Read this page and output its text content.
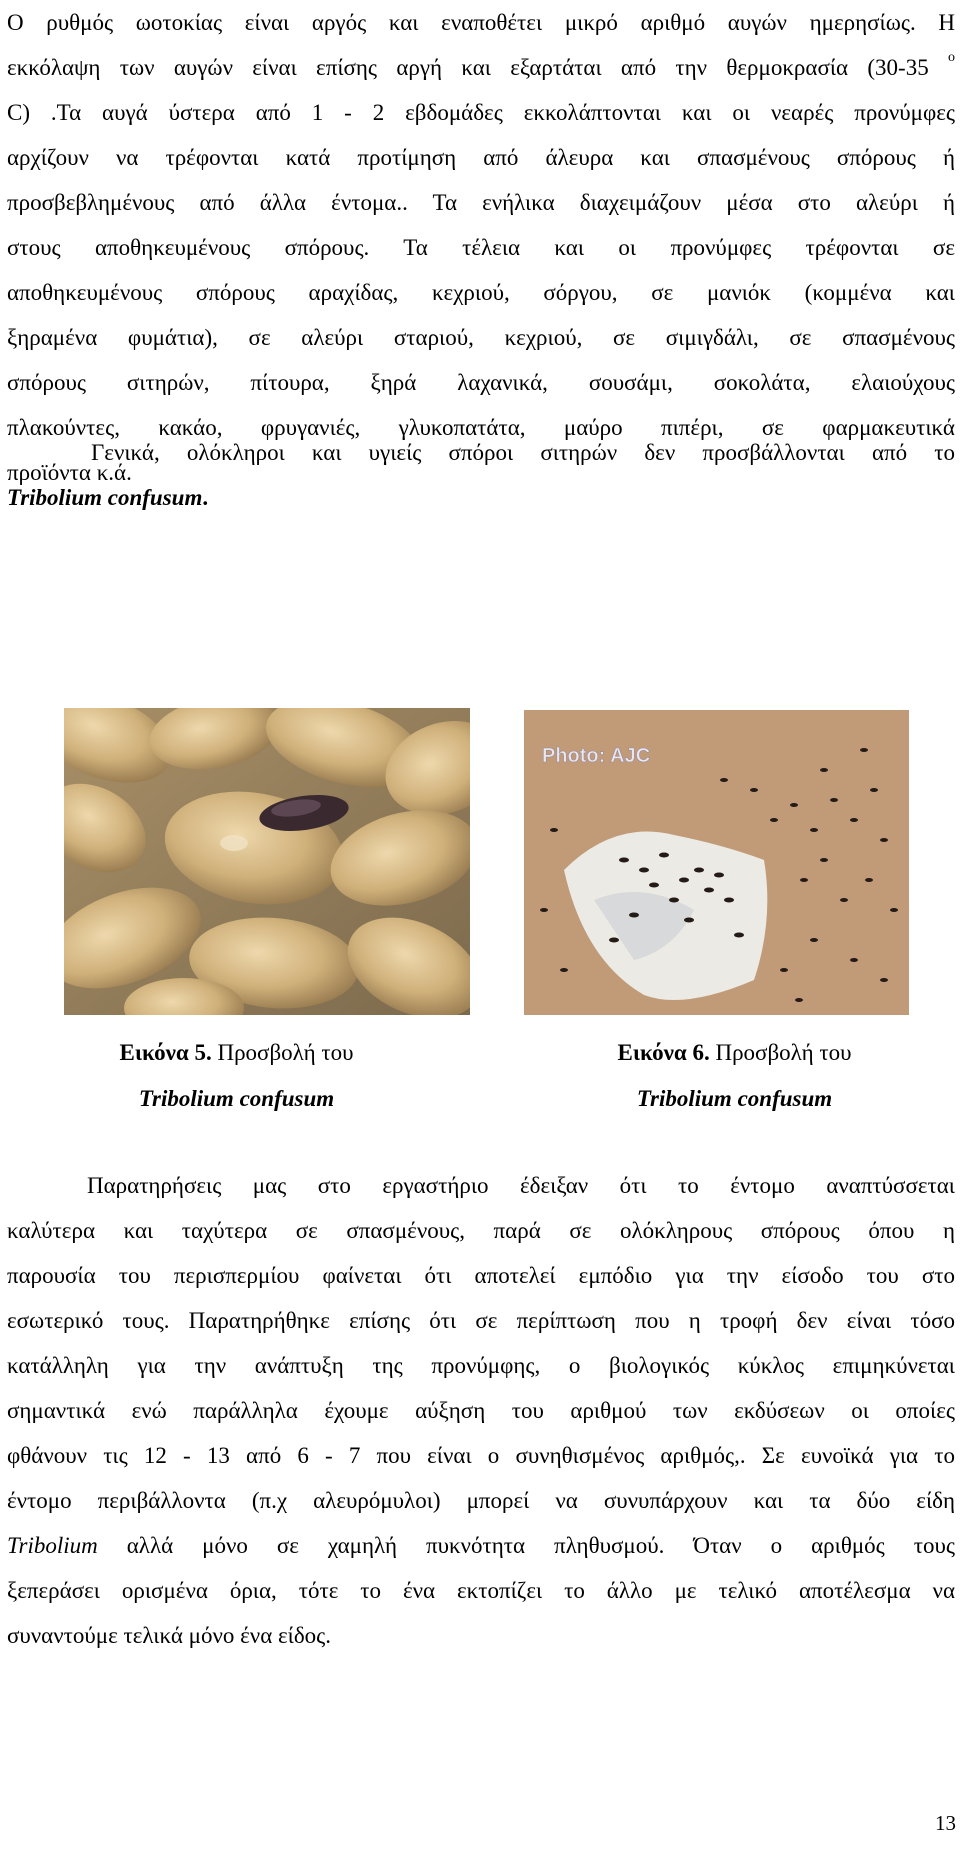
Ο ρυθμός ωοτοκίας είναι αργός και εναποθέτει μικρό αριθμό αυγών ημερησίως. Η
εκκόλαψη των αυγών είναι επίσης αργή και εξαρτάται από την θερμοκρασία (30-35 $^o$
C) .Τα αυγά ύστερα από 1 - 2 εβδομάδες εκκολάπτονται και οι νεαρές προνύμφες
αρχίζουν να τρέφονται κατά προτίμηση από άλευρα και σπασμένους σπόρους ή
προσβεβλημένους από άλλα έντομα.. Τα ενήλικα διαχειμάζουν μέσα στο αλεύρι ή
στους αποθηκευμένους σπόρους. Τα τέλεια και οι προνύμφες τρέφονται σε
αποθηκευμένους σπόρους αραχίδας, κεχριού, σόργου, σε μανιόκ (κομμένα και
ξηραμένα φυμάτια), σε αλεύρι σταριού, κεχριού, σε σιμιγδάλι, σε σπασμένους
σπόρους σιτηρών, πίτουρα, ξηρά λαχανικά, σουσάμι, σοκολάτα, ελαιούχους
πλακούντες, κακάο, φρυγανιές, γλυκοπατάτα, μαύρο πιπέρι, σε φαρμακευτικά
προϊόντα κ.ά.
Γενικά, ολόκληροι και υγιείς σπόροι σιτηρών δεν προσβάλλονται από το
Tribolium confusum.
Photo: AJC
Εικόνα 5. Προσβολή του
Tribolium confusum
Εικόνα 6. Προσβολή του
Tribolium confusum
Παρατηρήσεις μας στο εργαστήριο έδειξαν ότι το έντομο αναπτύσσεται
καλύτερα και ταχύτερα σε σπασμένους, παρά σε ολόκληρους σπόρους όπου η
παρουσία του περισπερμίου φαίνεται ότι αποτελεί εμπόδιο για την είσοδο του στο
εσωτερικό τους. Παρατηρήθηκε επίσης ότι σε περίπτωση που η τροφή δεν είναι τόσο
κατάλληλη για την ανάπτυξη της προνύμφης, ο βιολογικός κύκλος επιμηκύνεται
σημαντικά ενώ παράλληλα έχουμε αύξηση του αριθμού των εκδύσεων οι οποίες
φθάνουν τις 12 - 13 από 6 - 7 που είναι ο συνηθισμένος αριθμός,. Σε ευνοϊκά για το
έντομο περιβάλλοντα (π.χ αλευρόμυλοι) μπορεί να συνυπάρχουν και τα δύο είδη
Tribolium αλλά μόνο σε χαμηλή πυκνότητα πληθυσμού. Όταν ο αριθμός τους
ξεπεράσει ορισμένα όρια, τότε το ένα εκτοπίζει το άλλο με τελικό αποτέλεσμα να
συναντούμε τελικά μόνο ένα είδος.
13
